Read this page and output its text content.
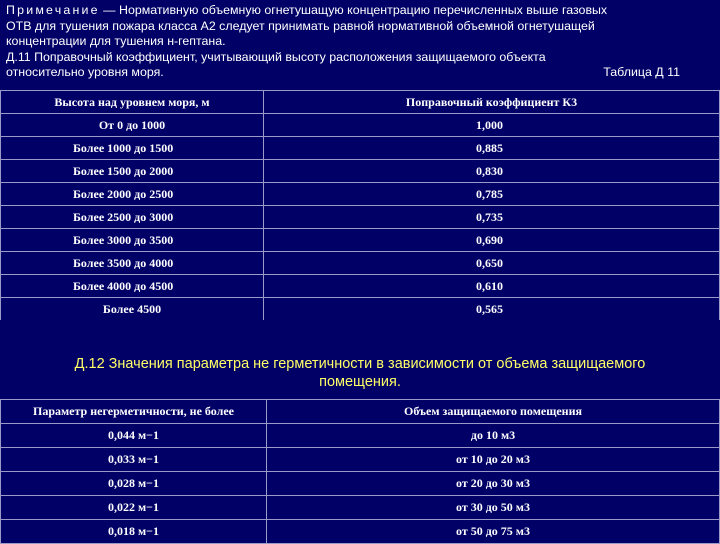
Примечание — Нормативную объемную огнетушащую концентрацию перечисленных выше газовых
ОТВ для тушения пожара класса А2 следует принимать равной нормативной объемной огнетушащей
концентрации для тушения н-гептана.
Д.11 Поправочный коэффициент, учитывающий высоту расположения защищаемого объекта
относительно уровня моря.	Таблица Д 11
Высота над уровнем моря, м	Поправочный коэффициент К3
От 0 до 1000	1,000
Более 1000 до 1500	0,885
Более 1500 до 2000	0,830
Более 2000 до 2500	0,785
Более 2500 до 3000	0,735
Более 3000 до 3500	0,690
Более 3500 до 4000	0,650
Более 4000 до 4500	0,610
Более 4500	0,565
Д.12 Значения параметра не герметичности в зависимости от объема защищаемого
помещения.
Параметр негерметичности, не более	Объем защищаемого помещения
0,044 м−1	до 10 м3
0,033 м−1	от 10 до 20 м3
0,028 м−1	от 20 до 30 м3
0,022 м−1	от 30 до 50 м3
0,018 м−1	от 50 до 75 м3
